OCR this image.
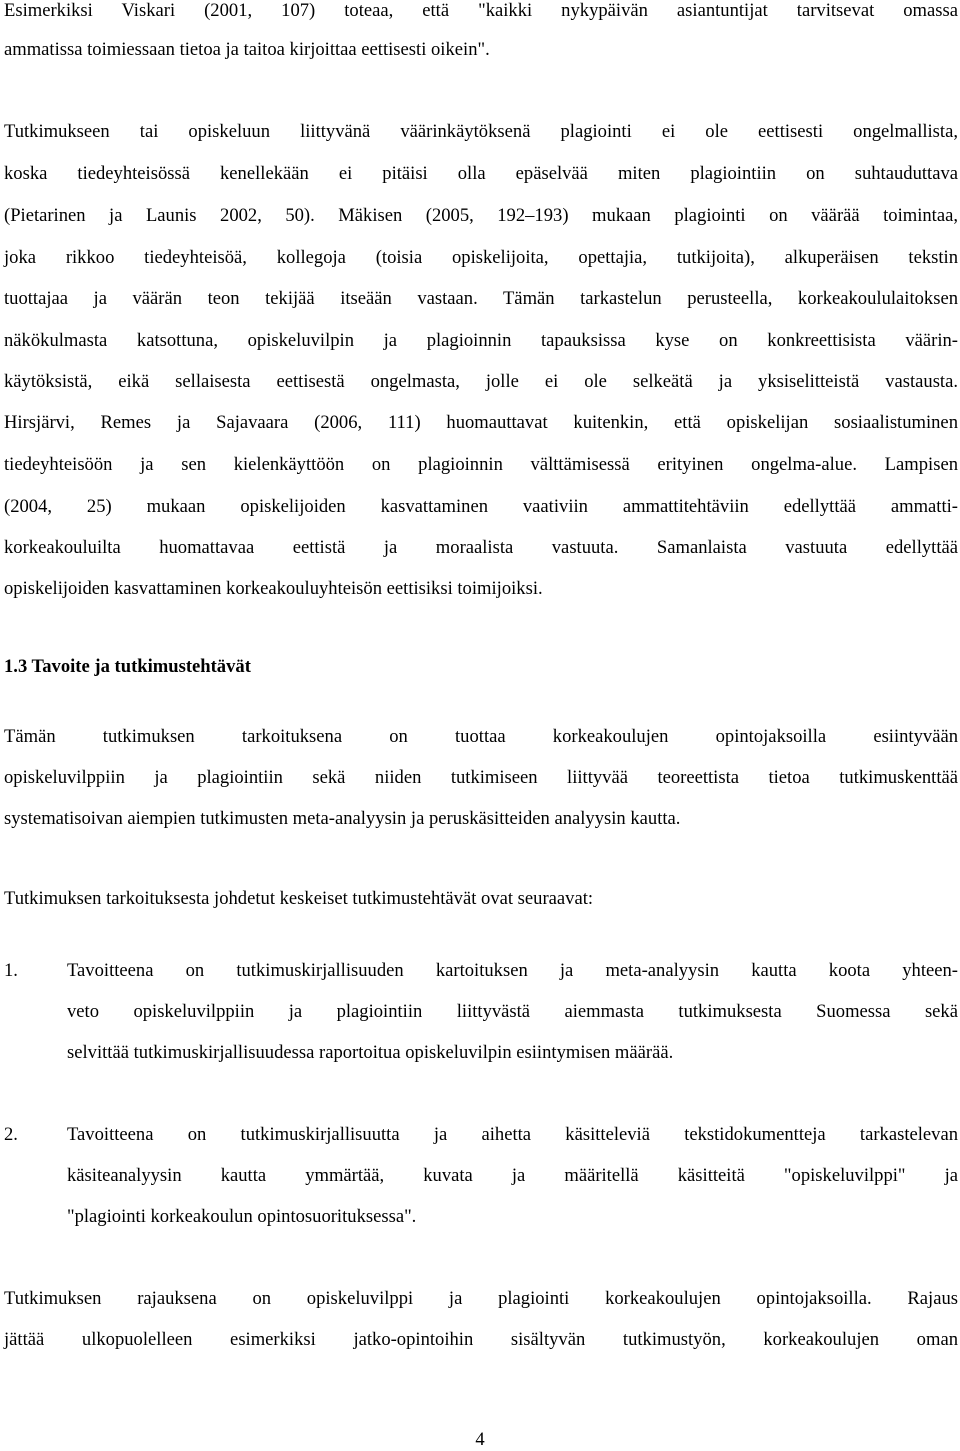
Esimerkiksi Viskari (2001, 107) toteaa, että "kaikki nykypäivän asiantuntijat tarvitsevat omassa
ammatissa toimiessaan tietoa ja taitoa kirjoittaa eettisesti oikein".
Tutkimukseen tai opiskeluun liittyvänä väärinkäytöksenä plagiointi ei ole eettisesti ongelmallista,
koska tiedeyhteisössä kenellekään ei pitäisi olla epäselvää miten plagiointiin on suhtauduttava
(Pietarinen ja Launis 2002, 50). Mäkisen (2005, 192–193) mukaan plagiointi on väärää toimintaa,
joka rikkoo tiedeyhteisöä, kollegoja (toisia opiskelijoita, opettajia, tutkijoita), alkuperäisen tekstin
tuottajaa ja väärän teon tekijää itseään vastaan. Tämän tarkastelun perusteella, korkeakoululaitoksen
näkökulmasta katsottuna, opiskeluvilpin ja plagioinnin tapauksissa kyse on konkreettisista väärin-
käytöksistä, eikä sellaisesta eettisestä ongelmasta, jolle ei ole selkeätä ja yksiselitteistä vastausta.
Hirsjärvi, Remes ja Sajavaara (2006, 111) huomauttavat kuitenkin, että opiskelijan sosiaalistuminen
tiedeyhteisöön ja sen kielenkäyttöön on plagioinnin välttämisessä erityinen ongelma-alue. Lampisen
(2004, 25) mukaan opiskelijoiden kasvattaminen vaativiin ammattitehtäviin edellyttää ammatti-
korkeakouluilta huomattavaa eettistä ja moraalista vastuuta. Samanlaista vastuuta edellyttää
opiskelijoiden kasvattaminen korkeakouluyhteisön eettisiksi toimijoiksi.
1.3 Tavoite ja tutkimustehtävät
Tämän tutkimuksen tarkoituksena on tuottaa korkeakoulujen opintojaksoilla esiintyvään
opiskeluvilppiin ja plagiointiin sekä niiden tutkimiseen liittyvää teoreettista tietoa tutkimuskenttää
systematisoivan aiempien tutkimusten meta-analyysin ja peruskäsitteiden analyysin kautta.
Tutkimuksen tarkoituksesta johdetut keskeiset tutkimustehtävät ovat seuraavat:
1.	Tavoitteena on tutkimuskirjallisuuden kartoituksen ja meta-analyysin kautta koota yhteen-
veto opiskeluvilppiin ja plagiointiin liittyvästä aiemmasta tutkimuksesta Suomessa sekä
selvittää tutkimuskirjallisuudessa raportoitua opiskeluvilpin esiintymisen määrää.
2.	Tavoitteena on tutkimuskirjallisuutta ja aihetta käsitteleviä tekstidokumentteja tarkastelevan
käsiteanalyysin kautta ymmärtää, kuvata ja määritellä käsitteitä "opiskeluvilppi" ja
"plagiointi korkeakoulun opintosuorituksessa".
Tutkimuksen rajauksena on opiskeluvilppi ja plagiointi korkeakoulujen opintojaksoilla. Rajaus
jättää ulkopuolelleen esimerkiksi jatko-opintoihin sisältyvän tutkimustyön, korkeakoulujen oman
4
